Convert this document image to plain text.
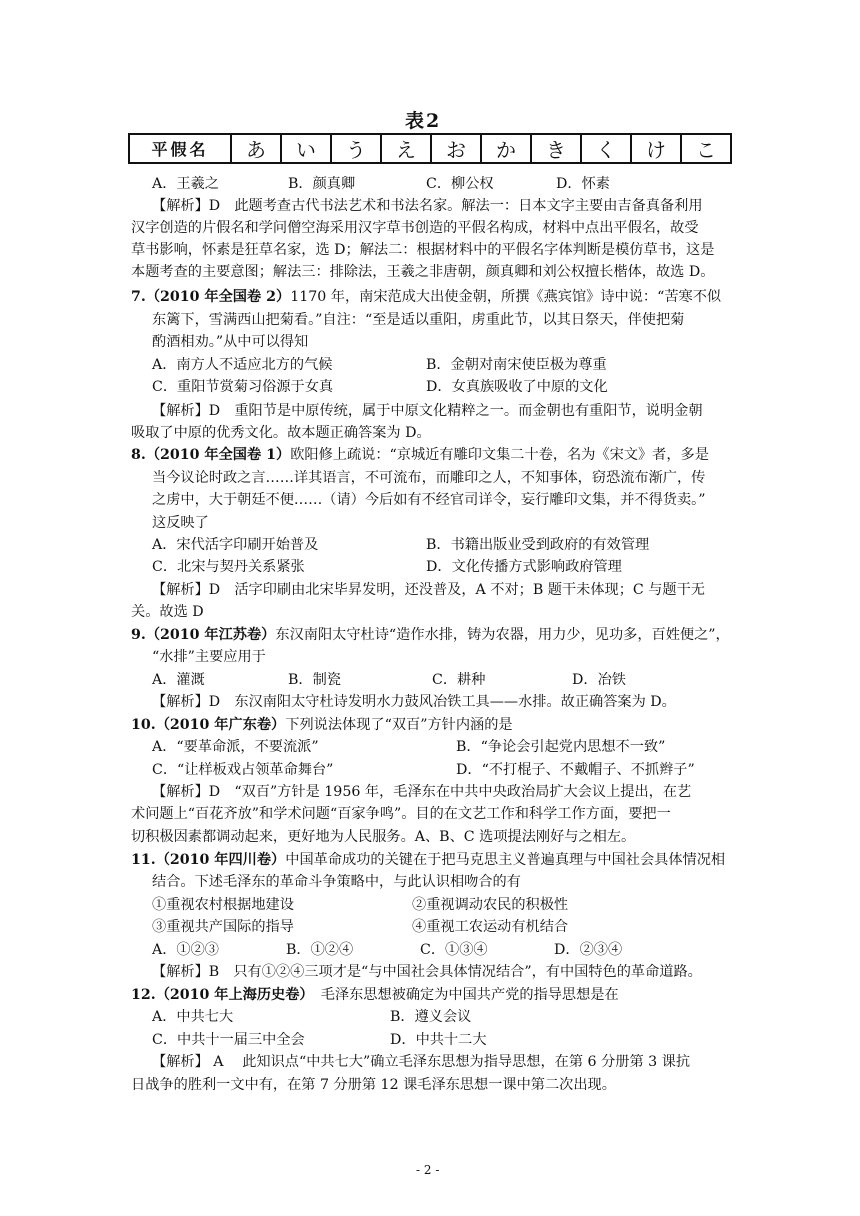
表2
平假名	あ	い	う	え	お	か	き	く	け	こ
A．王羲之	B．颜真卿	C．柳公权	D．怀素
【解析】D　此题考查古代书法艺术和书法名家。解法一：日本文字主要由吉备真备利用
汉字创造的片假名和学问僧空海采用汉字草书创造的平假名构成，材料中点出平假名，故受
草书影响，怀素是狂草名家，选 D；解法二：根据材料中的平假名字体判断是模仿草书，这是
本题考查的主要意图；解法三：排除法，王羲之非唐朝，颜真卿和刘公权擅长楷体，故选 D。
7.（2010 年全国卷 2）1170 年，南宋范成大出使金朝，所撰《燕宾馆》诗中说：“苦寒不似
东篱下，雪满西山把菊看。”自注：“至是适以重阳，虏重此节，以其日祭天，伴使把菊
酌酒相劝。”从中可以得知
A．南方人不适应北方的气候	B．金朝对南宋使臣极为尊重
C．重阳节赏菊习俗源于女真	D．女真族吸收了中原的文化
【解析】D　重阳节是中原传统，属于中原文化精粹之一。而金朝也有重阳节，说明金朝
吸取了中原的优秀文化。故本题正确答案为 D。
8.（2010 年全国卷 1）欧阳修上疏说：“京城近有雕印文集二十卷，名为《宋文》者，多是
当今议论时政之言……详其语言，不可流布，而雕印之人，不知事体，窃恐流布渐广，传
之虏中，大于朝廷不便……（请）今后如有不经官司详令，妄行雕印文集，并不得货卖。”
这反映了
A．宋代活字印刷开始普及	B．书籍出版业受到政府的有效管理
C．北宋与契丹关系紧张	D．文化传播方式影响政府管理
【解析】D　活字印刷由北宋毕昇发明，还没普及，A 不对；B 题干未体现；C 与题干无
关。故选 D
9.（2010 年江苏卷）东汉南阳太守杜诗“造作水排，铸为农器，用力少，见功多，百姓便之”，
“水排”主要应用于
A．灌溉	B．制瓷	C．耕种	D．冶铁
【解析】D　东汉南阳太守杜诗发明水力鼓风冶铁工具——水排。故正确答案为 D。
10.（2010 年广东卷）下列说法体现了“双百”方针内涵的是
A．“要革命派，不要流派”	B．“争论会引起党内思想不一致”
C．“让样板戏占领革命舞台”	D．“不打棍子、不戴帽子、不抓辫子”
【解析】D　“双百”方针是 1956 年，毛泽东在中共中央政治局扩大会议上提出，在艺
术问题上“百花齐放”和学术问题“百家争鸣”。目的在文艺工作和科学工作方面，要把一
切积极因素都调动起来，更好地为人民服务。A、B、C 选项提法刚好与之相左。
11.（2010 年四川卷）中国革命成功的关键在于把马克思主义普遍真理与中国社会具体情况相
结合。下述毛泽东的革命斗争策略中，与此认识相吻合的有
①重视农村根据地建设	②重视调动农民的积极性
③重视共产国际的指导	④重视工农运动有机结合
A．①②③	B．①②④	C．①③④	D．②③④
【解析】B　只有①②④三项才是“与中国社会具体情况结合”，有中国特色的革命道路。
12.（2010 年上海历史卷）　毛泽东思想被确定为中国共产党的指导思想是在
A．中共七大	B．遵义会议
C．中共十一届三中全会	D．中共十二大
【解析】 A　 此知识点“中共七大”确立毛泽东思想为指导思想，在第 6 分册第 3 课抗
日战争的胜利一文中有，在第 7 分册第 12 课毛泽东思想一课中第二次出现。
- 2 -
